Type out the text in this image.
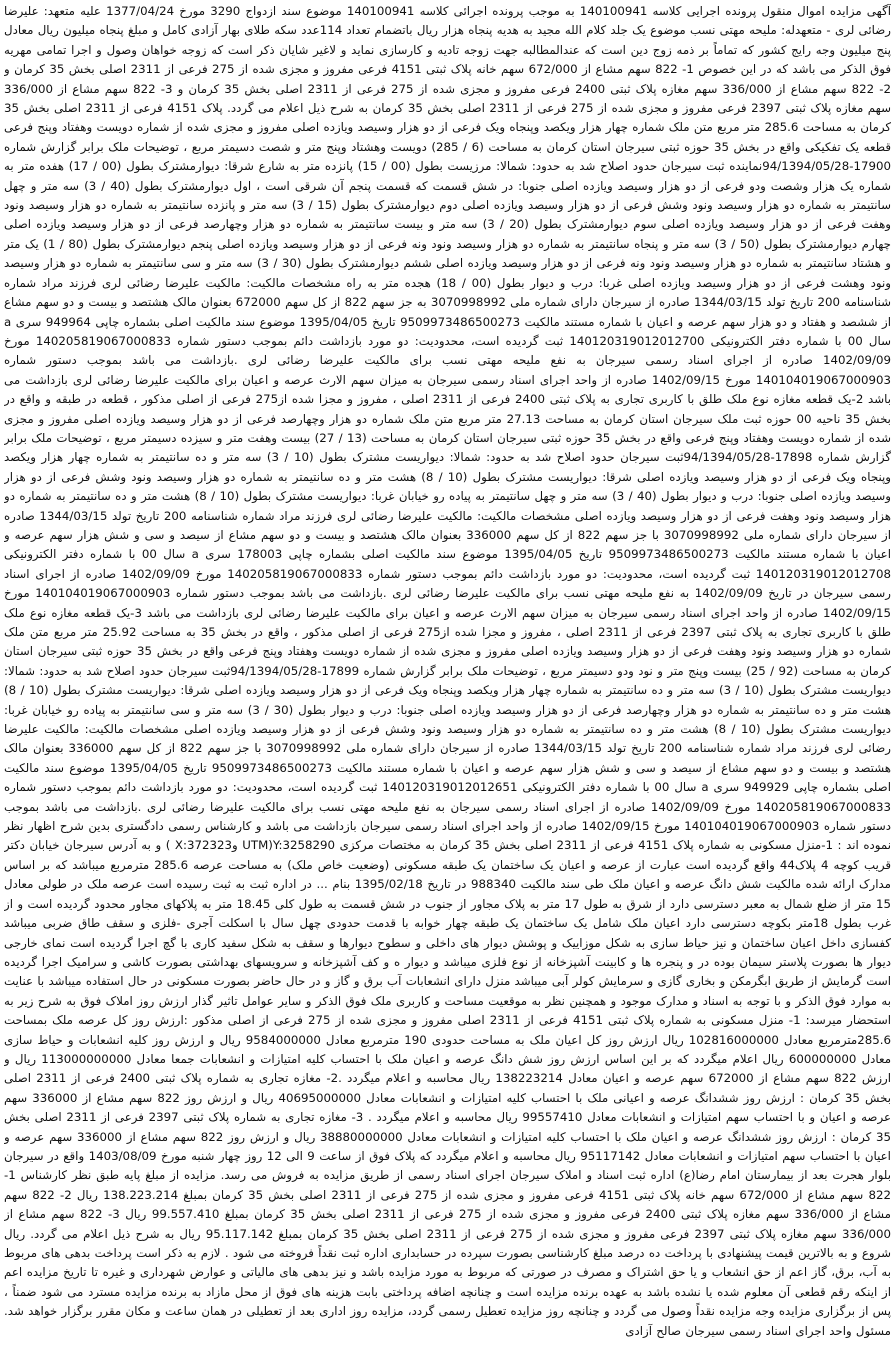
آگهی مزایده اموال منقول پرونده اجرایی کلاسه 140100941 به موجب پرونده اجرائی کلاسه 140100941 موضوع سند ازدواج 3290 مورخ 1377/04/24 علیه متعهد: علیرضا رضائی لری - متعهدله: ملیحه مهتی نسب موضوع یک جلد کلام الله مجید به هدیه پنجاه هزار ریال باتضمام تعداد 114عدد سکه طلای بهار آزادی کامل و مبلغ پنجاه میلیون ریال معادل پنج میلیون وجه رایج کشور که تماماً بر ذمه زوج دین است که عندالمطالبه جهت زوجه تادیه و کارسازی نماید و لاغیر شایان ذکر است که زوجه خواهان وصول و اجرا تمامی مهریه فوق الذکر می باشد که در این خصوص 1- 822 سهم مشاع از 672/000 سهم خانه پلاک ثبتی 4151 فرعی مفروز و مجزی شده از 275 فرعی از 2311 اصلی بخش 35 کرمان و 2- 822 سهم مشاع از 336/000 سهم مغازه پلاک ثبتی 2400 فرعی مفروز و مجزی شده از 275 فرعی از 2311 اصلی بخش 35 کرمان و 3- 822 سهم مشاع از 336/000 سهم مغازه پلاک ثبتی 2397 فرعی مفروز و مجزی شده از 275 فرعی از 2311 اصلی بخش 35 کرمان به شرح ذیل اعلام می گردد. پلاک 4151 فرعی از 2311 اصلی بخش 35 کرمان به مساحت 285.6 متر مربع متن ملک شماره چهار هزار ویکصد وپنجاه ویک فرعی از دو هزار وسیصد ویازده اصلی مفروز و مجزی شده از شماره دویست وهفتاد وپنج فرعی قطعه یک تفکیکی واقع در بخش 35 حوزه ثبتی سیرجان استان کرمان به مساحت (6 / 285) دویست وهشتاد وپنج متر و شصت دسیمتر مربع ، توضیحات ملک برابر گزارش شماره 17900-94/1394/05/28نماینده ثبت سیرجان حدود اصلاح شد به حدود: شمالا: مرزیست بطول (00 / 15) پانزده متر به شارع شرقا: دیوارمشترک بطول (00 / 17) هفده متر به شماره یک هزار وشصت ودو فرعی از دو هزار وسیصد ویازده اصلی جنوبا: در شش قسمت که قسمت پنجم آن شرقی است ، اول دیوارمشترک بطول (40 / 3) سه متر و چهل سانتیمتر به شماره دو هزار وسیصد ونود وشش فرعی از دو هزار وسیصد ویازده اصلی دوم دیوارمشترک بطول (15 / 3) سه متر و پانزده سانتیمتر به شماره دو هزار وسیصد ونود وهفت فرعی از دو هزار وسیصد ویازده اصلی سوم دیوارمشترک بطول (20 / 3) سه متر و بیست سانتیمتر به شماره دو هزار وچهارصد فرعی از دو هزار وسیصد ویازده اصلی چهارم دیوارمشترک بطول (50 / 3) سه متر و پنجاه سانتیمتر به شماره دو هزار وسیصد ونود ونه فرعی از دو هزار وسیصد ویازده اصلی پنجم دیوارمشترک بطول (80 / 1) یک متر و هشتاد سانتیمتر به شماره دو هزار وسیصد ونود ونه فرعی از دو هزار وسیصد ویازده اصلی ششم دیوارمشترک بطول (30 / 3) سه متر و سی سانتیمتر به شماره دو هزار وسیصد ونود وهشت فرعی از دو هزار وسیصد ویازده اصلی غربا: درب و دیوار بطول (00 / 18) هجده متر به راه مشخصات مالکیت: مالکیت علیرضا رضائی لری فرزند مراد شماره شناسنامه 200 تاریخ تولد 1344/03/15 صادره از سیرجان دارای شماره ملی 3070998992 به جز سهم 822 از کل سهم 672000 بعنوان مالک هشتصد و بیست و دو سهم مشاع از ششصد و هفتاد و دو هزار سهم عرصه و اعیان با شماره مستند مالکیت 9509973486500273 تاریخ 1395/04/05 موضوع سند مالکیت اصلی بشماره چاپی 949964 سری a سال 00 با شماره دفتر الکترونیکی 140120319012012700 ثبت گردیده است، محدودیت: دو مورد بازداشت دائم بموجب دستور شماره 140205819067000833 مورخ 1402/09/09 صادره از اجرای اسناد رسمی سیرجان به نفع ملیحه مهتی نسب برای مالکیت علیرضا رضائی لری .بازداشت می باشد بموجب دستور شماره 140104019067000903 مورخ 1402/09/15 صادره از واحد اجرای اسناد رسمی سیرجان به میزان سهم الارث عرصه و اعیان برای مالکیت علیرضا رضائی لری بازداشت می باشد 2-یک قطعه مغازه نوع ملک طلق با کاربری تجاری به پلاک ثبتی 2400 فرعی از 2311 اصلی ، مفروز و مجزا شده از275 فرعی از اصلی مذکور ، قطعه در طبقه و واقع در بخش 35 ناحیه 00 حوزه ثبت ملک سیرجان استان کرمان به مساحت 27.13 متر مربع متن ملک شماره دو هزار وچهارصد فرعی از دو هزار وسیصد ویازده اصلی مفروز و مجزی شده از شماره دویست وهفتاد وپنج فرعی واقع در بخش 35 حوزه ثبتی سیرجان استان کرمان به مساحت (13 / 27) بیست وهفت متر و سیزده دسیمتر مربع ، توضیحات ملک برابر گزارش شماره 17898-94/1394/05/28ثبت سیرجان حدود اصلاح شد به حدود: شمالا: دیواریست مشترک بطول (10 / 3) سه متر و ده سانتیمتر به شماره چهار هزار ویکصد وپنجاه ویک فرعی از دو هزار وسیصد ویازده اصلی شرقا: دیواریست مشترک بطول (10 / 8) هشت متر و ده سانتیمتر به شماره دو هزار وسیصد ونود وشش فرعی از دو هزار وسیصد ویازده اصلی جنوبا: درب و دیوار بطول (40 / 3) سه متر و چهل سانتیمتر به پیاده رو خیابان غربا: دیواریست مشترک بطول (10 / 8) هشت متر و ده سانتیمتر به شماره دو هزار وسیصد ونود وهفت فرعی از دو هزار وسیصد ویازده اصلی مشخصات مالکیت: مالکیت علیرضا رضائی لری فرزند مراد شماره شناسنامه 200 تاریخ تولد 1344/03/15 صادره از سیرجان دارای شماره ملی 3070998992 با جز سهم 822 از کل سهم 336000 بعنوان مالک هشتصد و بیست و دو سهم مشاع از سیصد و سی و شش هزار سهم عرصه و اعیان با شماره مستند مالکیت 9509973486500273 تاریخ 1395/04/05 موضوع سند مالکیت اصلی بشماره چاپی 178003 سری a سال 00 با شماره دفتر الکترونیکی 140120319012012708 ثبت گردیده است، محدودیت: دو مورد بازداشت دائم بموجب دستور شماره 140205819067000833 مورخ 1402/09/09 صادره از اجرای اسناد رسمی سیرجان در تاریخ 1402/09/09 به نفع ملیحه مهتی نسب برای مالکیت علیرضا رضائی لری .بازداشت می باشد بموجب دستور شماره 140104019067000903 مورخ 1402/09/15 صادره از واحد اجرای اسناد رسمی سیرجان به میزان سهم الارث عرصه و اعیان برای مالکیت علیرضا رضائی لری بازداشت می باشد 3-یک قطعه مغازه نوع ملک طلق با کاربری تجاری به پلاک ثبتی 2397 فرعی از 2311 اصلی ، مفروز و مجزا شده از275 فرعی از اصلی مذکور ، واقع در بخش 35 به مساحت 25.92 متر مربع متن ملک شماره دو هزار وسیصد ونود وهفت فرعی از دو هزار وسیصد ویازده اصلی مفروز و مجزی شده از شماره دویست وهفتاد وپنج فرعی واقع در بخش 35 حوزه ثبتی سیرجان استان کرمان به مساحت (92 / 25) بیست وپنج متر و نود ودو دسیمتر مربع ، توضیحات ملک برابر گزارش شماره 17899-94/1394/05/28ثبت سیرجان حدود اصلاح شد به حدود: شمالا: دیواریست مشترک بطول (10 / 3) سه متر و ده سانتیمتر به شماره چهار هزار ویکصد وپنجاه ویک فرعی از دو هزار وسیصد ویازده اصلی شرقا: دیواریست مشترک بطول (10 / 8) هشت متر و ده سانتیمتر به شماره دو هزار وچهارصد فرعی از دو هزار وسیصد ویازده اصلی جنوبا: درب و دیوار بطول (30 / 3) سه متر و سی سانتیمتر به پیاده رو خیابان غربا: دیواریست مشترک بطول (10 / 8) هشت متر و ده سانتیمتر به شماره دو هزار وسیصد ونود وشش فرعی از دو هزار وسیصد ویازده اصلی مشخصات مالکیت: مالکیت علیرضا رضائی لری فرزند مراد شماره شناسنامه 200 تاریخ تولد 1344/03/15 صادره از سیرجان دارای شماره ملی 3070998992 با جز سهم 822 از کل سهم 336000 بعنوان مالک هشتصد و بیست و دو سهم مشاع از سیصد و سی و شش هزار سهم عرصه و اعیان با شماره مستند مالکیت 9509973486500273 تاریخ 1395/04/05 موضوع سند مالکیت اصلی بشماره چاپی 949929 سری a سال 00 با شماره دفتر الکترونیکی 140120319012012651 ثبت گردیده است، محدودیت: دو مورد بازداشت دائم بموجب دستور شماره 140205819067000833 مورخ 1402/09/09 صادره از اجرای اسناد رسمی سیرجان به نفع ملیحه مهتی نسب برای مالکیت علیرضا رضائی لری .بازداشت می باشد بموجب دستور شماره 140104019067000903 مورخ 1402/09/15 صادره از واحد اجرای اسناد رسمی سیرجان بازداشت می باشد و کارشناس رسمی دادگستری بدین شرح اظهار نظر نموده اند : 1-منزل مسکونی به شماره پلاک 4151 فرعی از 2311 اصلی بخش 35 کرمان به مختصات مرکزی Y:3258290(UTM وX:372323 ) و به آدرس سیرجان خیابان دکتر قریب کوچه 4 پلاک44 واقع گردیده است عبارت از عرصه و اعیان یک ساختمان یک طبقه مسکونی (وضعیت خاص ملک) به مساحت عرصه 285.6 مترمربع میباشد که بر اساس مدارک ارائه شده مالکیت شش دانگ عرصه و اعیان ملک طی سند مالکیت 988340 در تاریخ 1395/02/18 بنام ... در اداره ثبت به ثبت رسیده است عرصه ملک در طولی معادل 15 متر از ضلع شمال به معبر دسترسی دارد از شرق به طول 17 متر به پلاک مجاور از جنوب در شش قسمت به طول کلی 18.45 متر به پلاکهای مجاور محدود گردیده است و از غرب بطول 18متر بکوچه دسترسی دارد اعیان ملک شامل یک ساختمان یک طبقه چهار خوابه با قدمت حدودی چهل سال با اسکلت آجری -فلزی و سقف طاق ضربی میباشد کفسازی داخل اعیان ساختمان و نیز حیاط سازی به شکل موزاییک و پوشش دیوار های داخلی و سطوح دیوارها و سقف به شکل سفید کاری با گچ اجرا گردیده است نمای خارجی دیوار ها بصورت پلاستر سیمان بوده در و پنجره ها و کابینت آشپزخانه از نوع فلزی میباشد و دیوار ه و کف آشپزخانه و سرویسهای بهداشتی بصورت کاشی و سرامیک اجرا گردیده است گرمایش از طریق ابگرمکن و بخاری گازی و سرمایش کولر آبی میباشد منزل دارای انشعابات آب برق و گاز و در حال حاضر بصورت مسکونی در حال استفاده میباشد با عنایت به موارد فوق الذکر و با توجه به اسناد و مدارک موجود و همچنین نظر به موقعیت مساحت و کاربری ملک فوق الذکر و سایر عوامل تاثیر گذار ارزش روز املاک فوق به شرح زیر به استحضار میرسد: 1- منزل مسکونی به شماره پلاک ثبتی 4151 فرعی از 2311 اصلی مفروز و مجزی شده از 275 فرعی از اصلی مذکور :ارزش روز کل عرصه ملک بمساحت 285.6مترمربع معادل 102816000000 ریال ارزش روز کل اعیان ملک به مساحت حدودی 190 مترمربع معادل 9584000000 ریال و ارزش روز کلیه انشعابات و حیاط سازی معادل 600000000 ریال اعلام میگردد که بر این اساس ارزش روز شش دانگ عرصه و اعیان ملک با احتساب کلیه امتیازات و انشعابات جمعا معادل 113000000000 ریال و ارزش 822 سهم مشاع از 672000 سهم عرصه و اعیان معادل 138223214 ریال محاسبه و اعلام میگردد .2- مغازه تجاری به شماره پلاک ثبتی 2400 فرعی از 2311 اصلی بخش 35 کرمان : ارزش روز ششدانگ عرصه و اعیانی ملک با احتساب کلیه امتیازات و انشعابات معادل 40695000000 ریال و ارزش روز 822 سهم مشاع از 336000 سهم عرصه و اعیان و با احتساب سهم امتیازات و انشعابات معادل 99557410 ریال محاسبه و اعلام میگردد . 3- مغازه تجاری به شماره پلاک ثبتی 2397 فرعی از 2311 اصلی بخش 35 کرمان : ارزش روز ششدانگ عرصه و اعیان ملک با احتساب کلیه امتیازات و انشعابات معادل 38880000000 ریال و ارزش روز 822 سهم مشاع از 336000 سهم عرصه و اعیان با احتساب سهم امتیازات و انشعابات معادل 95117142 ریال محاسبه و اعلام میگردد که پلاک فوق از ساعت 9 الی 12 روز چهار شنبه مورخ 1403/08/09 واقع در سیرجان بلوار هجرت بعد از بیمارستان امام رضا(ع) اداره ثبت اسناد و املاک سیرجان اجرای اسناد رسمی از طریق مزایده به فروش می رسد. مزایده از مبلغ پایه طبق نظر کارشناس 1- 822 سهم مشاع از 672/000 سهم خانه پلاک ثبتی 4151 فرعی مفروز و مجزی شده از 275 فرعی از 2311 اصلی بخش 35 کرمان بمبلغ 138.223.214 ریال 2- 822 سهم مشاع از 336/000 سهم مغازه پلاک ثبتی 2400 فرعی مفروز و مجزی شده از 275 فرعی از 2311 اصلی بخش 35 کرمان بمبلغ 99.557.410 ریال 3- 822 سهم مشاع از 336/000 سهم مغازه پلاک ثبتی 2397 فرعی مفروز و مجزی شده از 275 فرعی از 2311 اصلی بخش 35 کرمان بمبلغ 95.117.142 ریال به شرح ذیل اعلام می گردد. ریال شروع و به بالاترین قیمت پیشنهادی با پرداخت ده درصد مبلغ کارشناسی بصورت سپرده در حسابداری اداره ثبت نقداً فروخته می شود . لازم به ذکر است پرداخت بدهی های مربوط به آب، برق، گاز اعم از حق انشعاب و یا حق اشتراک و مصرف در صورتی که مربوط به مورد مزایده باشد و نیز بدهی های مالیاتی و عوارض شهرداری و غیره تا تاریخ مزایده اعم از اینکه رقم قطعی آن معلوم شده یا نشده باشد به عهده برنده مزایده است و چنانچه اضافه پرداختی بابت هزینه های فوق از محل مازاد به برنده مزایده مسترد می شود ضمناً ، پس از برگزاری مزایده وجه مزایده نقداً وصول می گردد و چنانچه روز مزایده تعطیل رسمی گردد، مزایده روز اداری بعد از تعطیلی در همان ساعت و مکان مقرر برگزار خواهد شد. مسئول واحد اجرای اسناد رسمی سیرجان صالح آزادی
